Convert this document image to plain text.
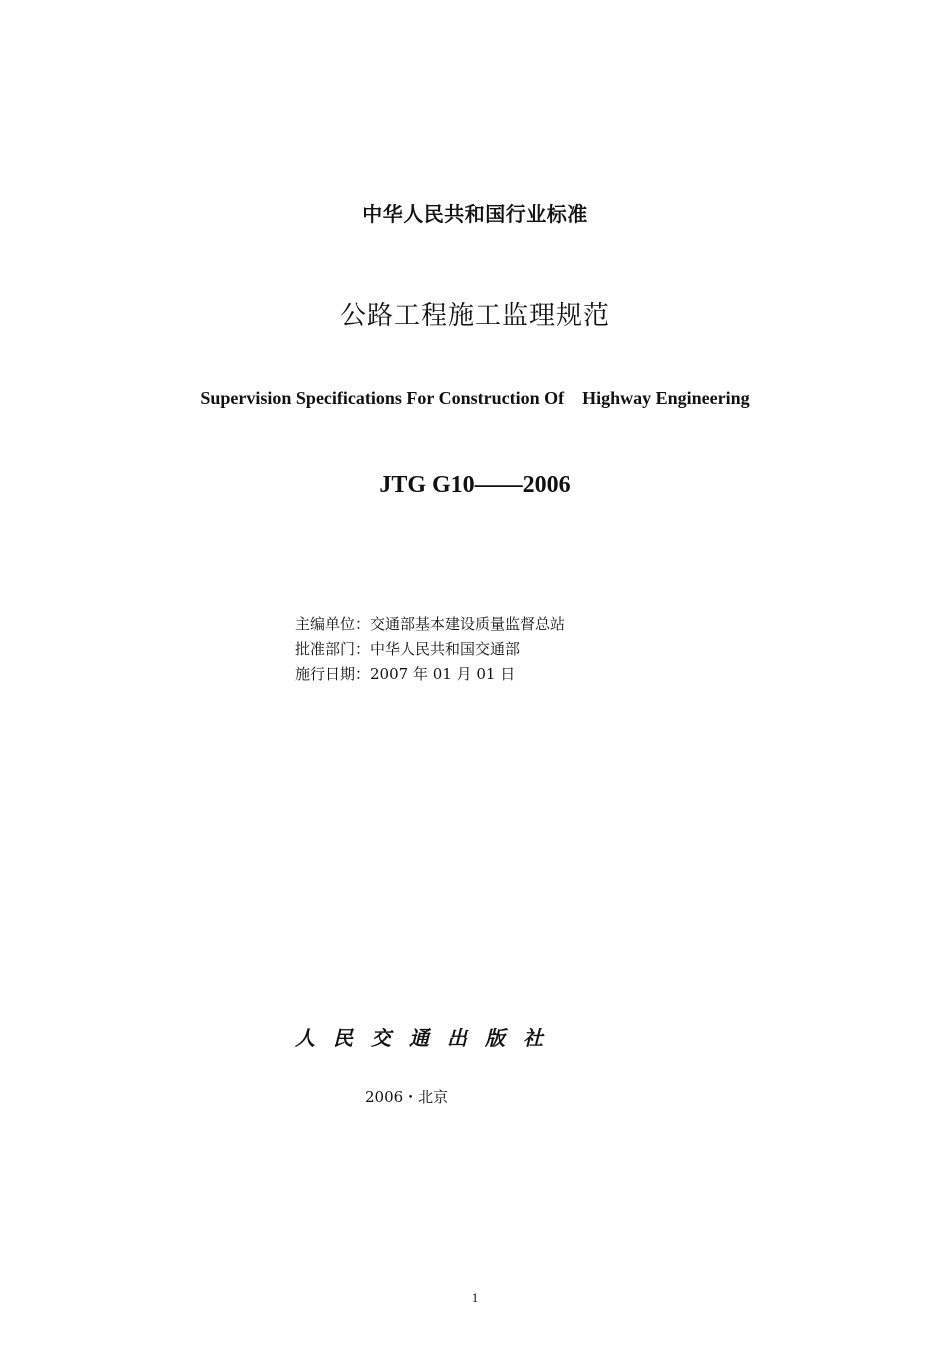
中华人民共和国行业标准
公路工程施工监理规范
Supervision Specifications For Construction Of    Highway Engineering
JTG G10——2006
主编单位：交通部基本建设质量监督总站
批准部门：中华人民共和国交通部
施行日期：2007 年 01 月 01 日
人民交通出版社
2006・北京
1
